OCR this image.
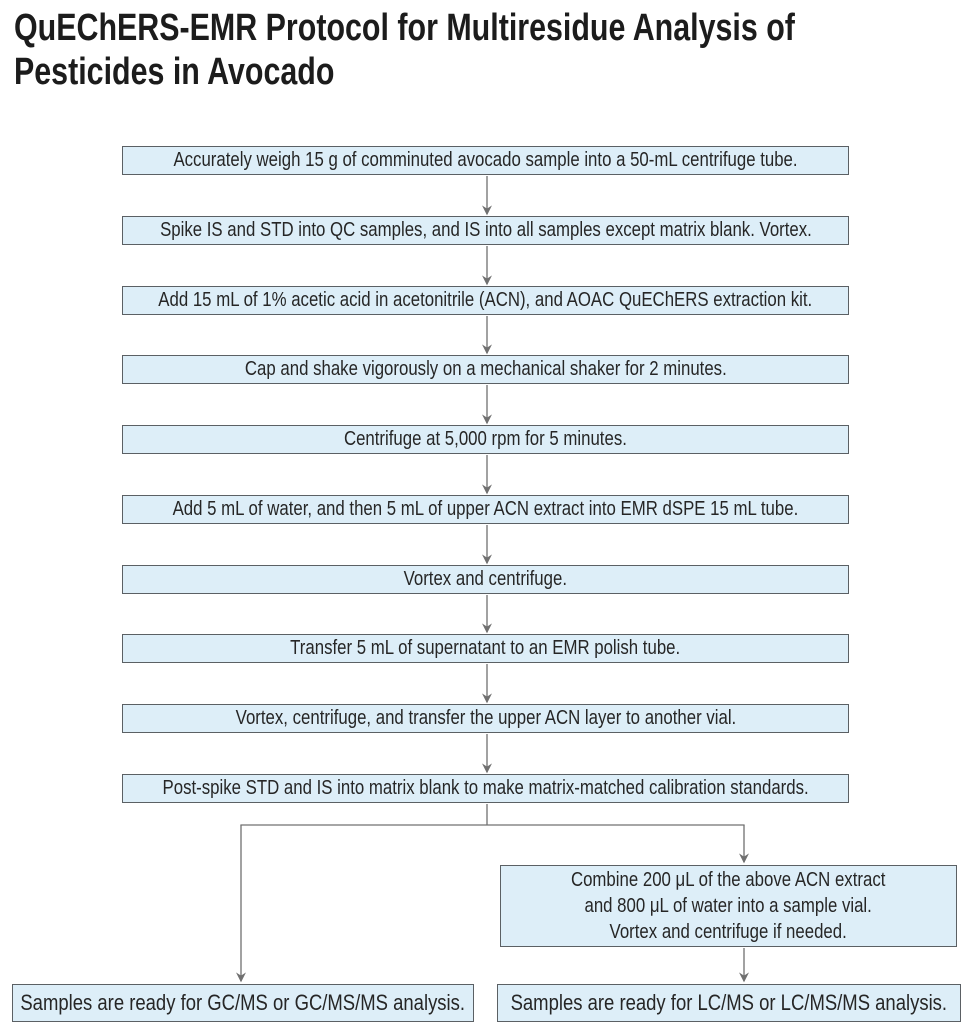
QuEChERS-EMR Protocol for Multiresidue Analysis of
Pesticides in Avocado
Accurately weigh 15 g of comminuted avocado sample into a 50-mL centrifuge tube.
Spike IS and STD into QC samples, and IS into all samples except matrix blank. Vortex.
Add 15 mL of 1% acetic acid in acetonitrile (ACN), and AOAC QuEChERS extraction kit.
Cap and shake vigorously on a mechanical shaker for 2 minutes.
Centrifuge at 5,000 rpm for 5 minutes.
Add 5 mL of water, and then 5 mL of upper ACN extract into EMR dSPE 15 mL tube.
Vortex and centrifuge.
Transfer 5 mL of supernatant to an EMR polish tube.
Vortex, centrifuge, and transfer the upper ACN layer to another vial.
Post-spike STD and IS into matrix blank to make matrix-matched calibration standards.
Combine 200 μL of the above ACN extract
and 800 μL of water into a sample vial.
Vortex and centrifuge if needed.
Samples are ready for GC/MS or GC/MS/MS analysis. Samples are ready for LC/MS or LC/MS/MS analysis.
